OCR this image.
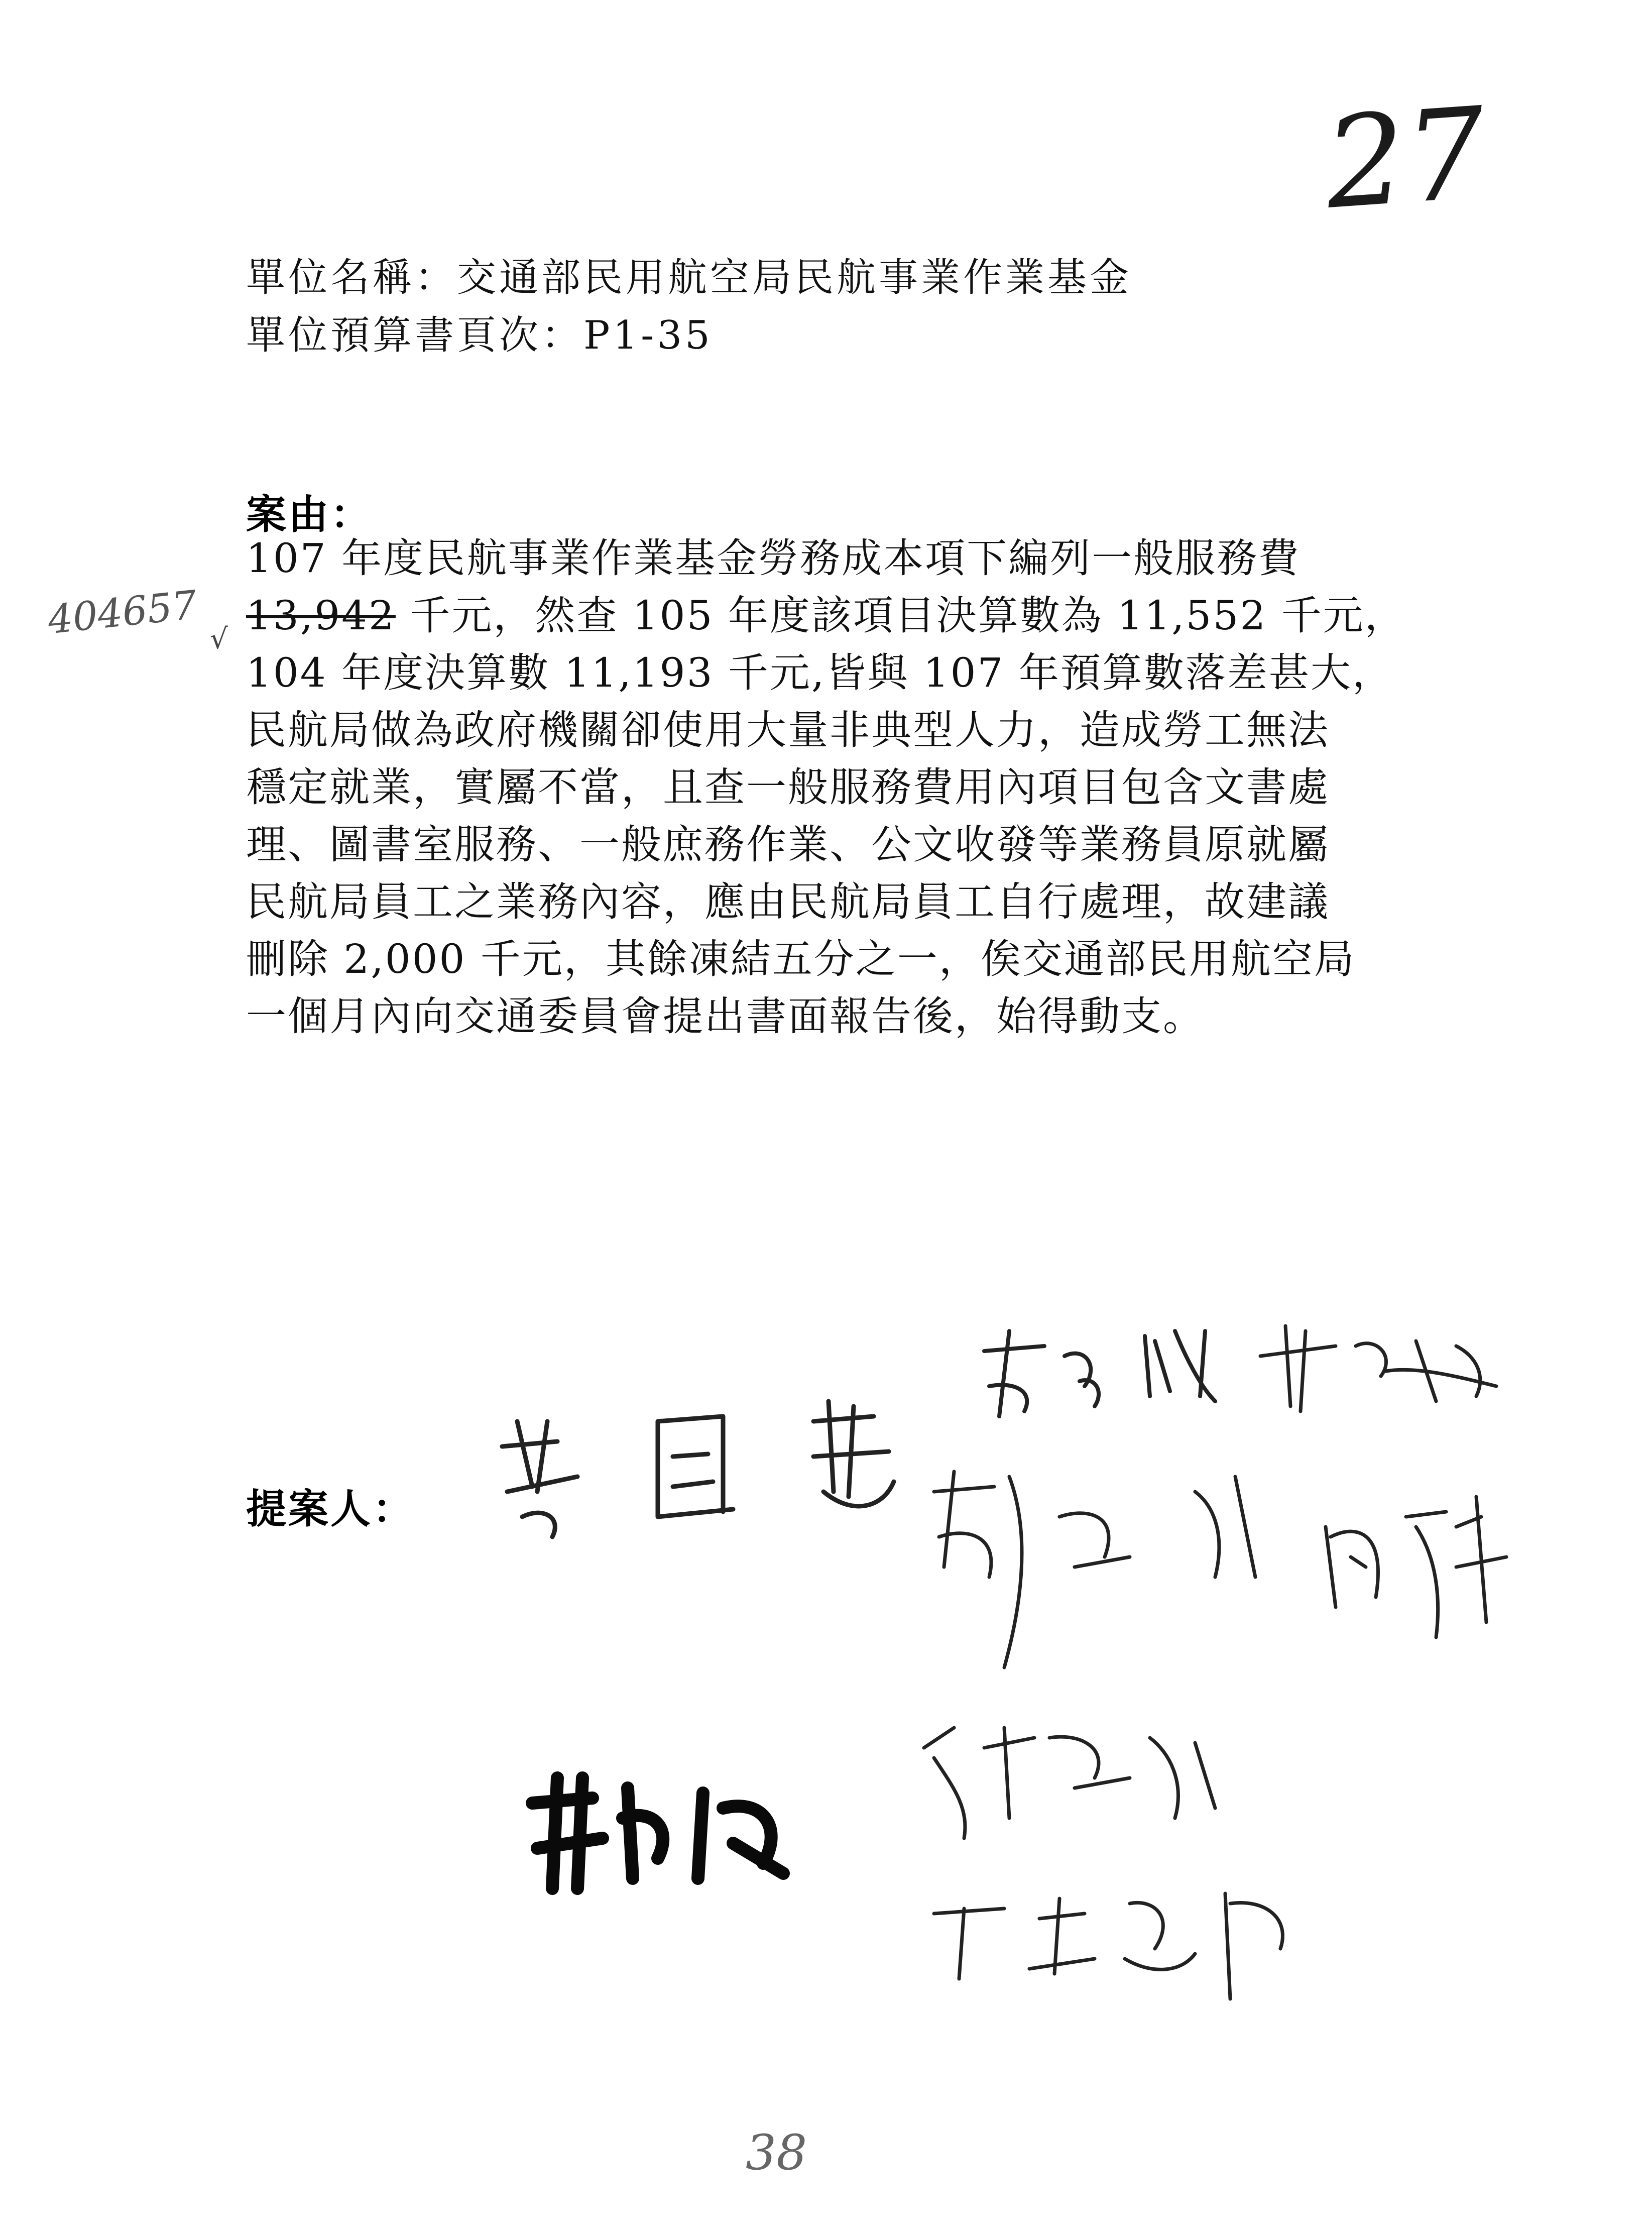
27
單位名稱：交通部民用航空局民航事業作業基金
單位預算書頁次：P1-35
案由：
107 年度民航事業作業基金勞務成本項下編列一般服務費
13,942 千元，然查 105 年度該項目決算數為 11,552 千元，
104 年度決算數 11,193 千元,皆與 107 年預算數落差甚大，
民航局做為政府機關卻使用大量非典型人力，造成勞工無法
穩定就業，實屬不當，且查一般服務費用內項目包含文書處
理、圖書室服務、一般庶務作業、公文收發等業務員原就屬
民航局員工之業務內容，應由民航局員工自行處理，故建議
刪除 2,000 千元，其餘凍結五分之一，俟交通部民用航空局
一個月內向交通委員會提出書面報告後，始得動支。
404657 √
提案人：
38
